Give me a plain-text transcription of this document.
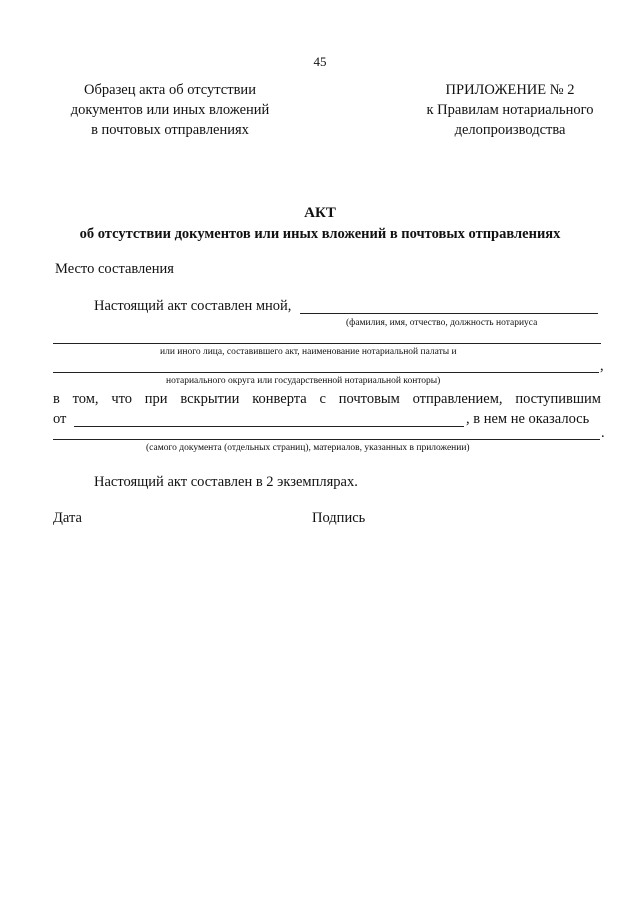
45
Образец акта об отсутствии
документов или иных вложений
в почтовых отправлениях
ПРИЛОЖЕНИЕ № 2
к Правилам нотариального
делопроизводства
АКТ
об отсутствии документов или иных вложений в почтовых отправлениях
Место составления
Настоящий акт составлен мной,
(фамилия, имя, отчество, должность нотариуса
или иного лица, составившего акт, наименование нотариальной палаты и
,
нотариального округа или государственной нотариальной конторы)
в том, что при вскрытии конверта с почтовым отправлением, поступившим
от	, в нем не оказалось
.
(самого документа (отдельных страниц), материалов, указанных в приложении)
Настоящий акт составлен в 2 экземплярах.
Дата	Подпись
